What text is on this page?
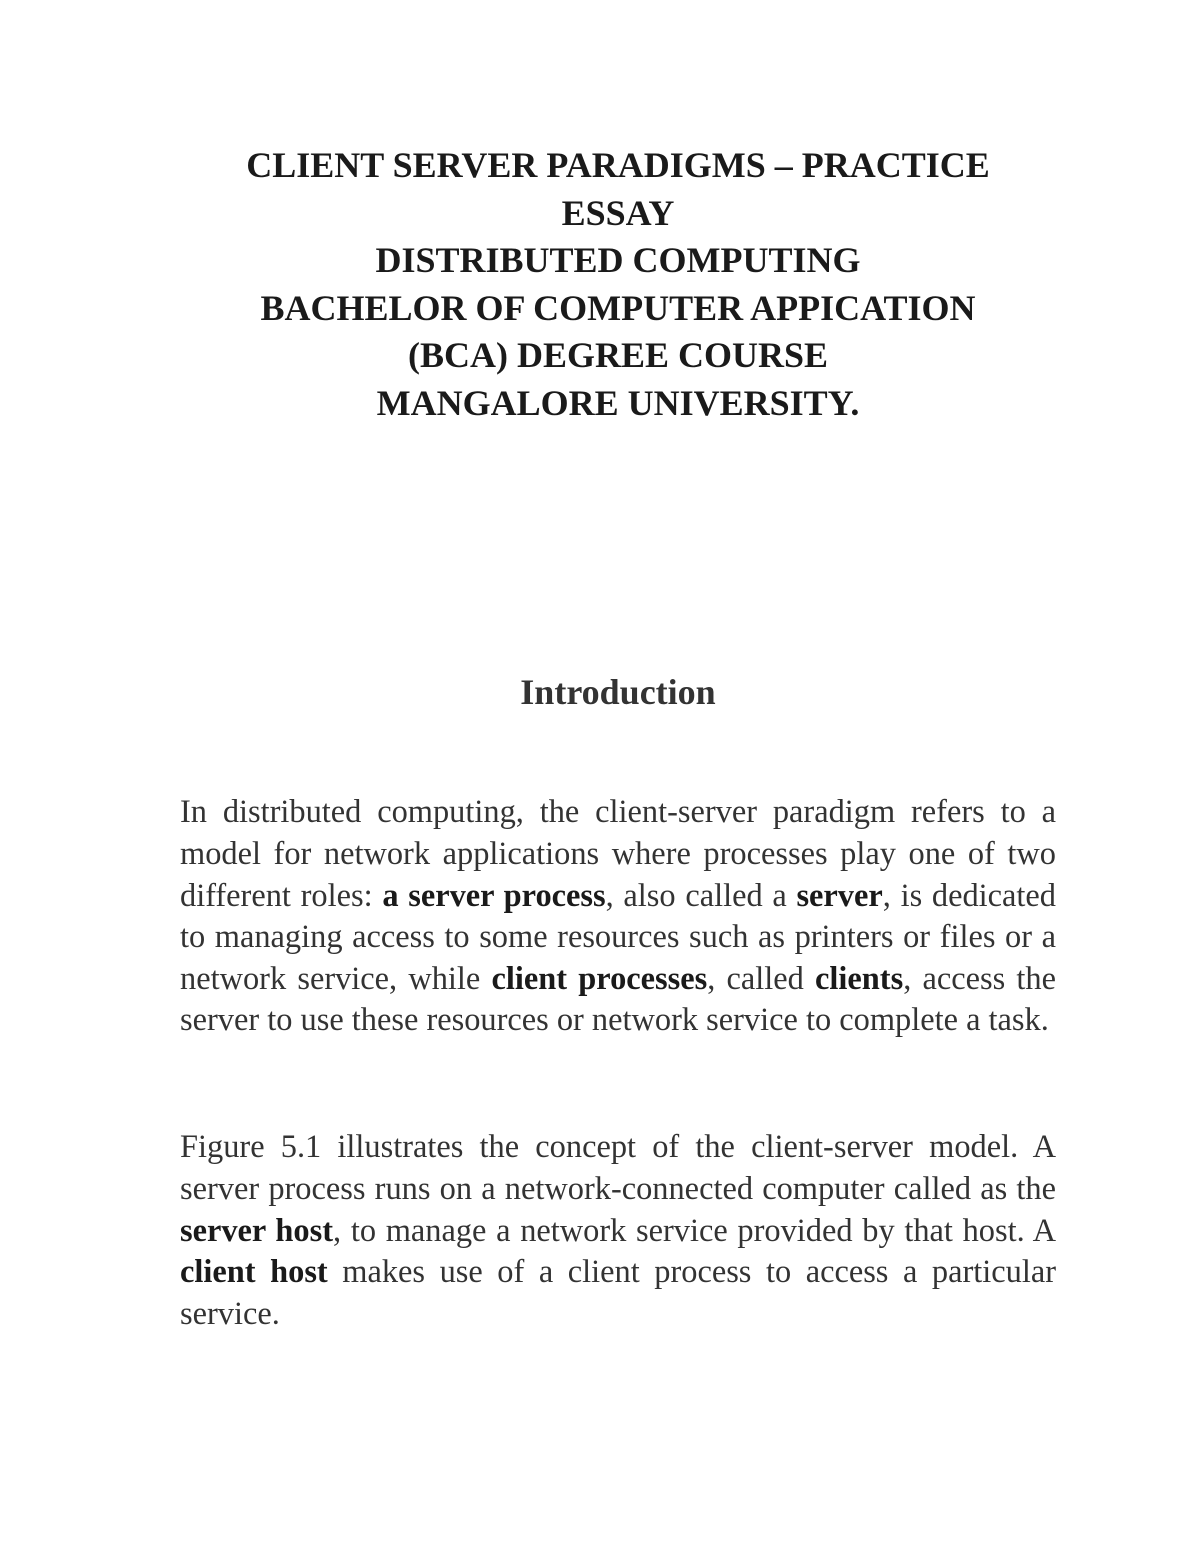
CLIENT SERVER PARADIGMS – PRACTICE
ESSAY
DISTRIBUTED COMPUTING
BACHELOR OF COMPUTER APPICATION
(BCA) DEGREE COURSE
MANGALORE UNIVERSITY.
Introduction

In distributed computing, the client-server paradigm refers to a model for network applications where processes play one of two different roles: a server process, also called a server, is dedicated to managing access to some resources such as printers or files or a network service, while client processes, called clients, access the server to use these resources or network service to complete a task.

Figure 5.1 illustrates the concept of the client-server model. A server process runs on a network-connected computer called as the server host, to manage a network service provided by that host. A client host makes use of a client process to access a particular service.
